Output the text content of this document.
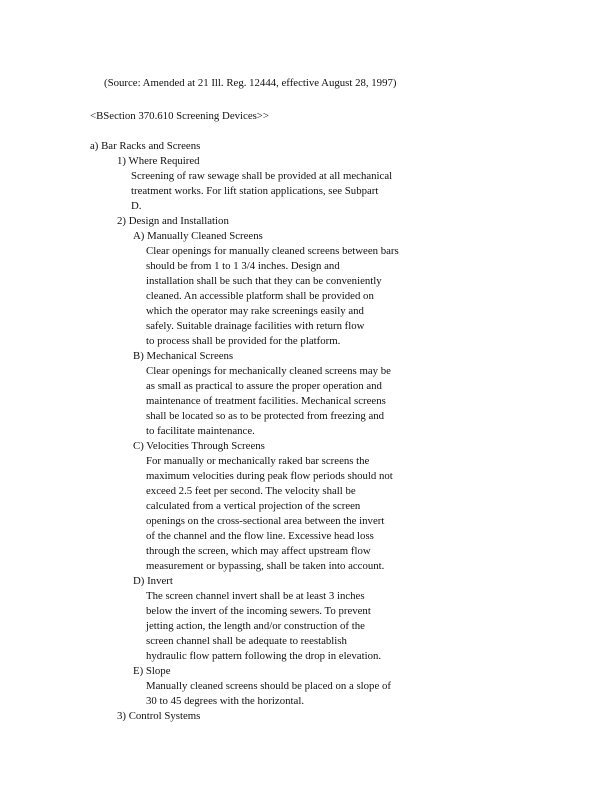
(Source: Amended at 21 Ill. Reg. 12444, effective August 28, 1997)
<BSection 370.610 Screening Devices>>
a) Bar Racks and Screens
1) Where Required
Screening of raw sewage shall be provided at all mechanical
treatment works. For lift station applications, see Subpart
D.
2) Design and Installation
A) Manually Cleaned Screens
Clear openings for manually cleaned screens between bars
should be from 1 to 1 3/4 inches. Design and
installation shall be such that they can be conveniently
cleaned. An accessible platform shall be provided on
which the operator may rake screenings easily and
safely. Suitable drainage facilities with return flow
to process shall be provided for the platform.
B) Mechanical Screens
Clear openings for mechanically cleaned screens may be
as small as practical to assure the proper operation and
maintenance of treatment facilities. Mechanical screens
shall be located so as to be protected from freezing and
to facilitate maintenance.
C) Velocities Through Screens
For manually or mechanically raked bar screens the
maximum velocities during peak flow periods should not
exceed 2.5 feet per second. The velocity shall be
calculated from a vertical projection of the screen
openings on the cross-sectional area between the invert
of the channel and the flow line. Excessive head loss
through the screen, which may affect upstream flow
measurement or bypassing, shall be taken into account.
D) Invert
The screen channel invert shall be at least 3 inches
below the invert of the incoming sewers. To prevent
jetting action, the length and/or construction of the
screen channel shall be adequate to reestablish
hydraulic flow pattern following the drop in elevation.
E) Slope
Manually cleaned screens should be placed on a slope of
30 to 45 degrees with the horizontal.
3) Control Systems
